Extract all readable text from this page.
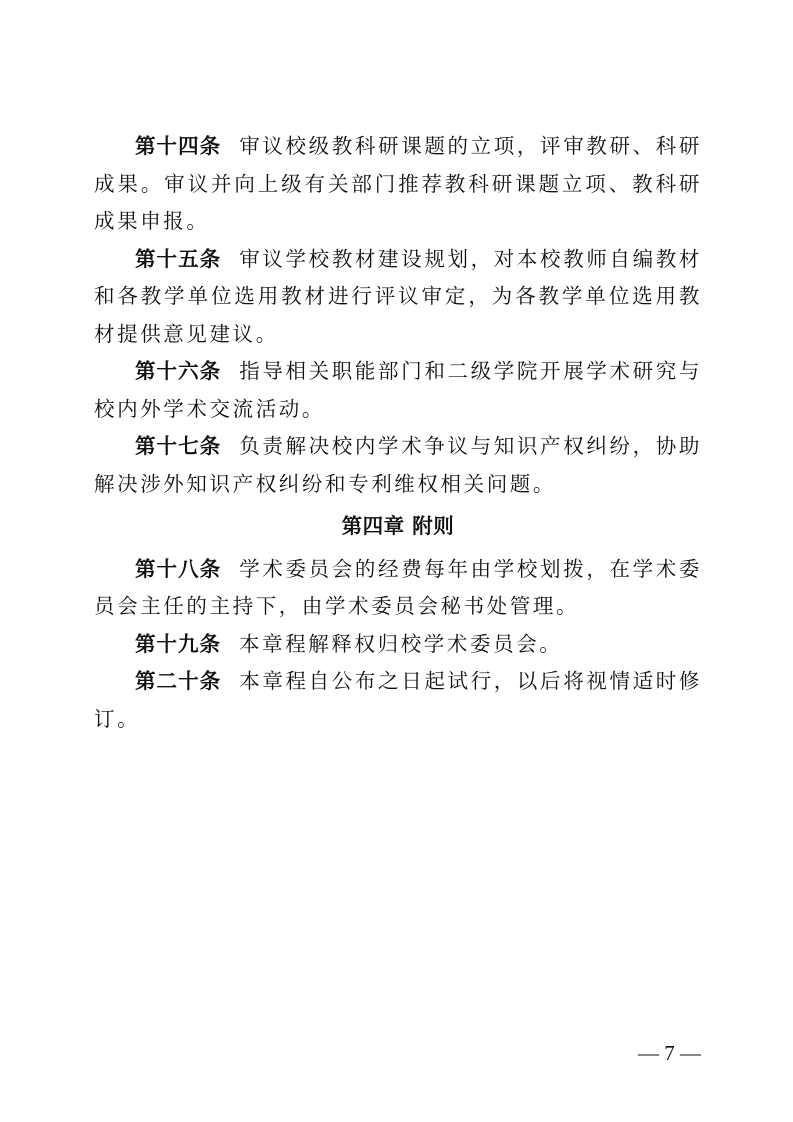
第十四条 审议校级教科研课题的立项，评审教研、科研成果。审议并向上级有关部门推荐教科研课题立项、教科研成果申报。

第十五条 审议学校教材建设规划，对本校教师自编教材和各教学单位选用教材进行评议审定，为各教学单位选用教材提供意见建议。

第十六条 指导相关职能部门和二级学院开展学术研究与校内外学术交流活动。

第十七条 负责解决校内学术争议与知识产权纠纷，协助解决涉外知识产权纠纷和专利维权相关问题。

第四章 附则

第十八条 学术委员会的经费每年由学校划拨，在学术委员会主任的主持下，由学术委员会秘书处管理。

第十九条 本章程解释权归校学术委员会。

第二十条 本章程自公布之日起试行，以后将视情适时修订。

— 7 —
